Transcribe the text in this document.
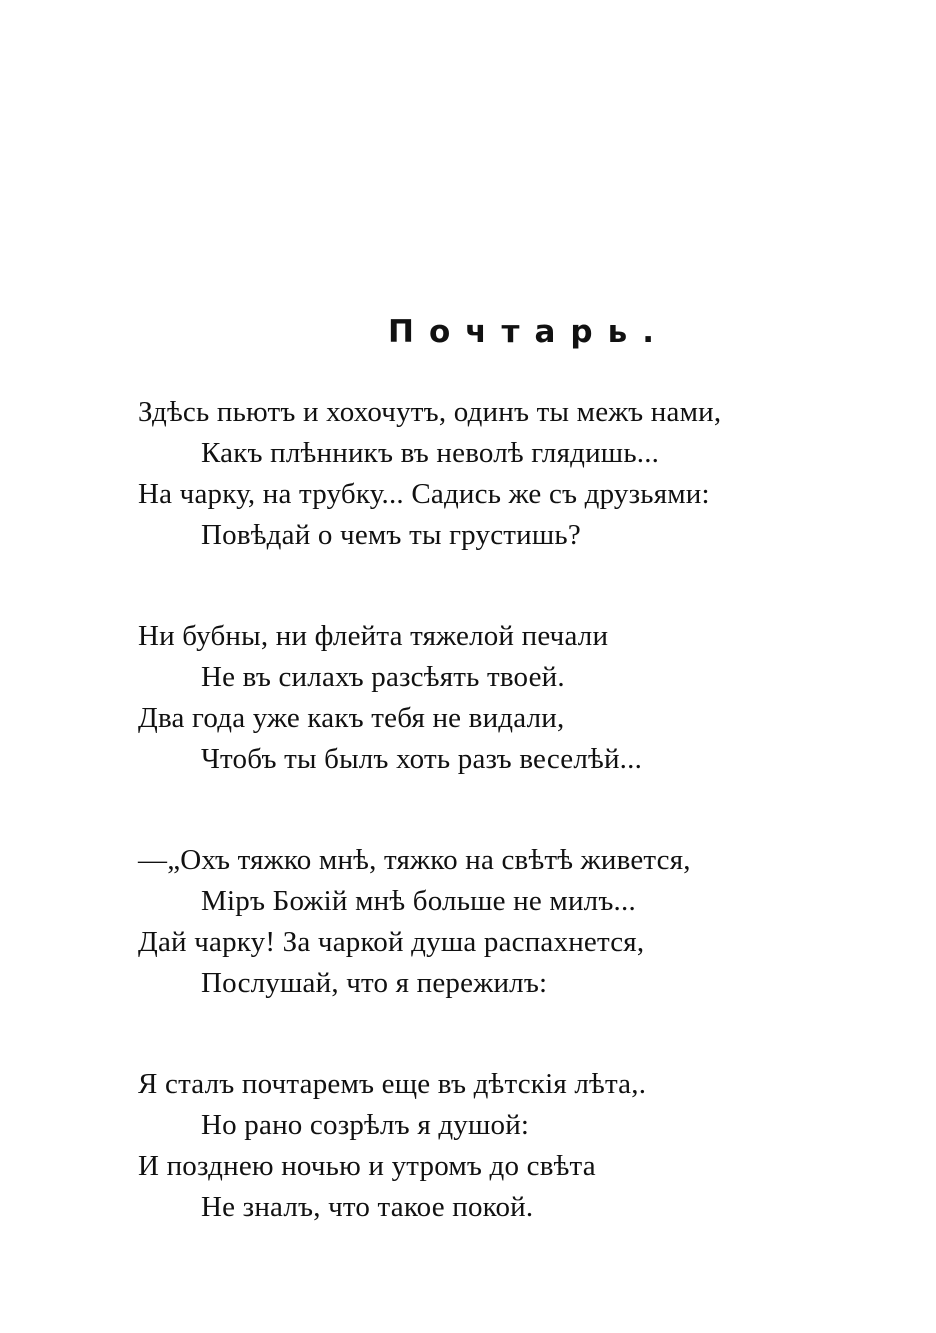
Почтарь.
Здѣсь пьютъ и хохочутъ, одинъ ты межъ нами,
Какъ плѣнникъ въ неволѣ глядишь...
На чарку, на трубку... Садись же съ друзьями:
Повѣдай о чемъ ты грустишь?
Ни бубны, ни флейта тяжелой печали
Не въ силахъ разсѣять твоей.
Два года уже какъ тебя не видали,
Чтобъ ты былъ хоть разъ веселѣй...
—„Охъ тяжко мнѣ, тяжко на свѣтѣ живется,
Міръ Божій мнѣ больше не милъ...
Дай чарку! За чаркой душа распахнется,
Послушай, что я пережилъ:
Я сталъ почтаремъ еще въ дѣтскія лѣта,.
Но рано созрѣлъ я душой:
И позднею ночью и утромъ до свѣта
Не зналъ, что такое покой.
